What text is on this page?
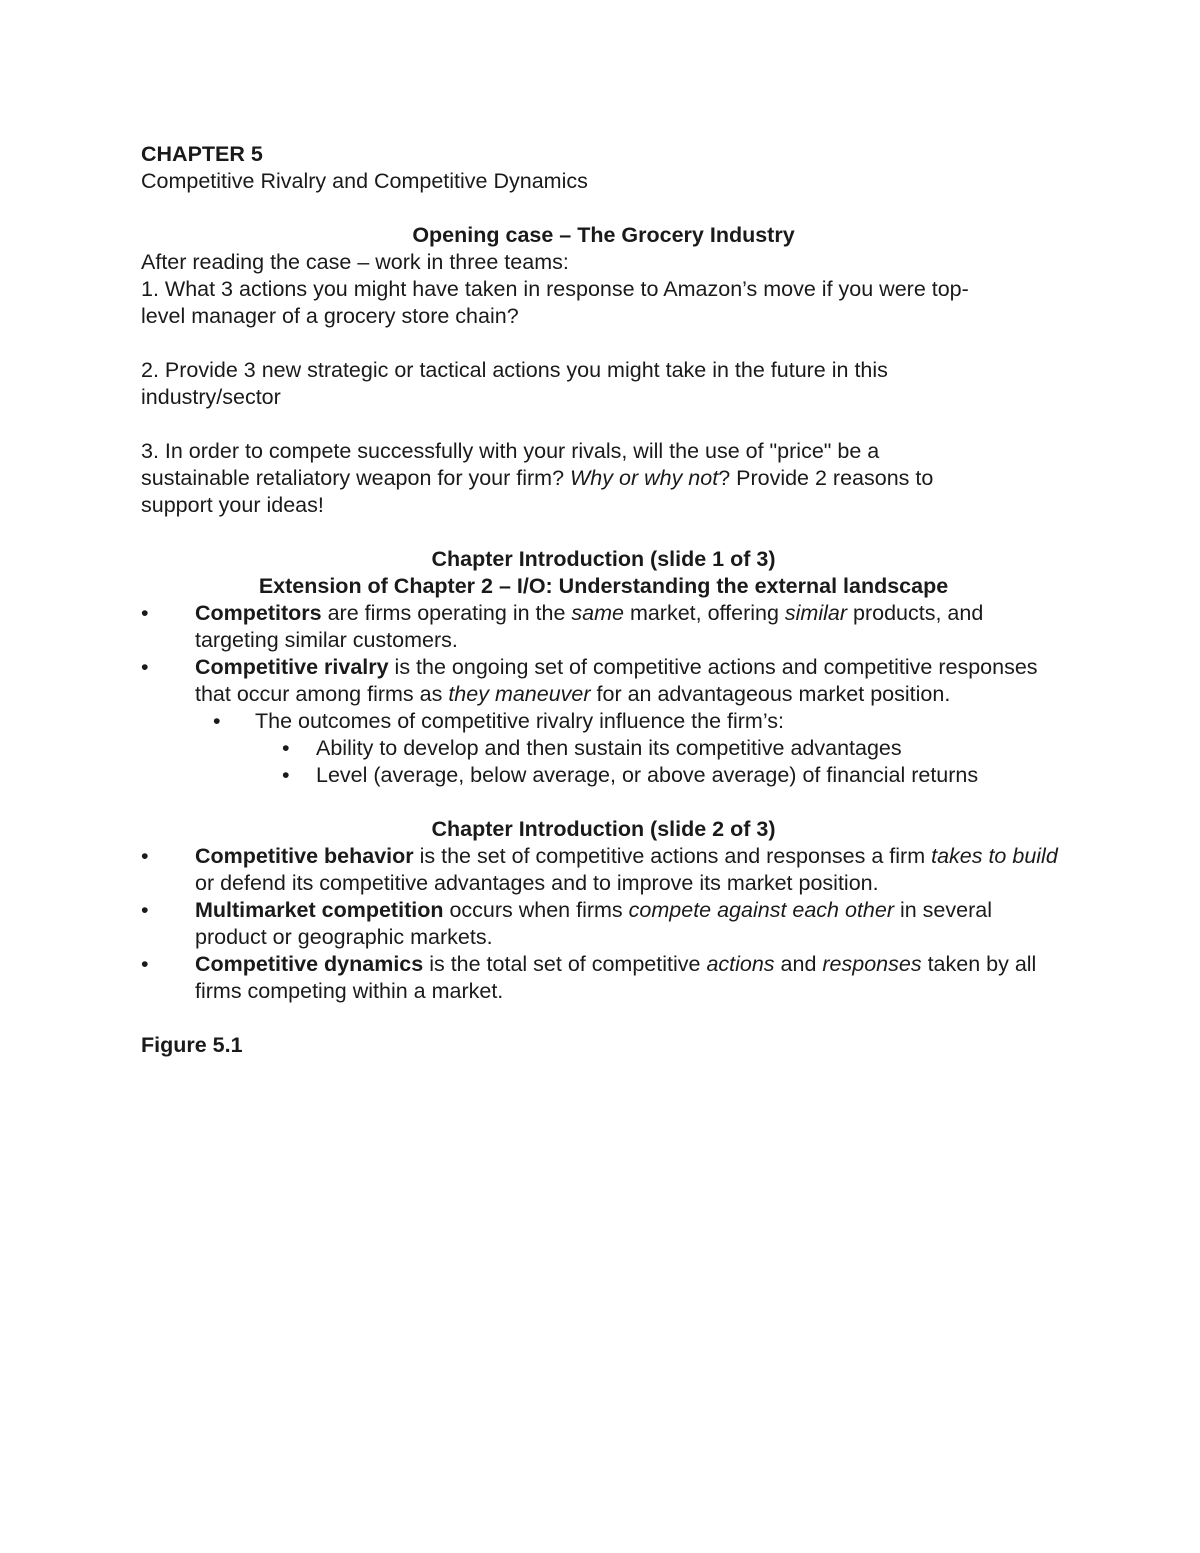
CHAPTER 5
Competitive Rivalry and Competitive Dynamics
Opening case – The Grocery Industry
After reading the case – work in three teams:
1. What 3 actions you might have taken in response to Amazon’s move if you were top-
level manager of a grocery store chain?
2. Provide 3 new strategic or tactical actions you might take in the future in this
industry/sector
3. In order to compete successfully with your rivals, will the use of "price" be a
sustainable retaliatory weapon for your firm? Why or why not? Provide 2 reasons to
support your ideas!
Chapter Introduction (slide 1 of 3)
Extension of Chapter 2 – I/O: Understanding the external landscape
• Competitors are firms operating in the same market, offering similar products, and targeting similar customers.
• Competitive rivalry is the ongoing set of competitive actions and competitive responses that occur among firms as they maneuver for an advantageous market position.
• The outcomes of competitive rivalry influence the firm’s:
• Ability to develop and then sustain its competitive advantages
• Level (average, below average, or above average) of financial returns
Chapter Introduction (slide 2 of 3)
• Competitive behavior is the set of competitive actions and responses a firm takes to build or defend its competitive advantages and to improve its market position.
• Multimarket competition occurs when firms compete against each other in several product or geographic markets.
• Competitive dynamics is the total set of competitive actions and responses taken by all firms competing within a market.
Figure 5.1
